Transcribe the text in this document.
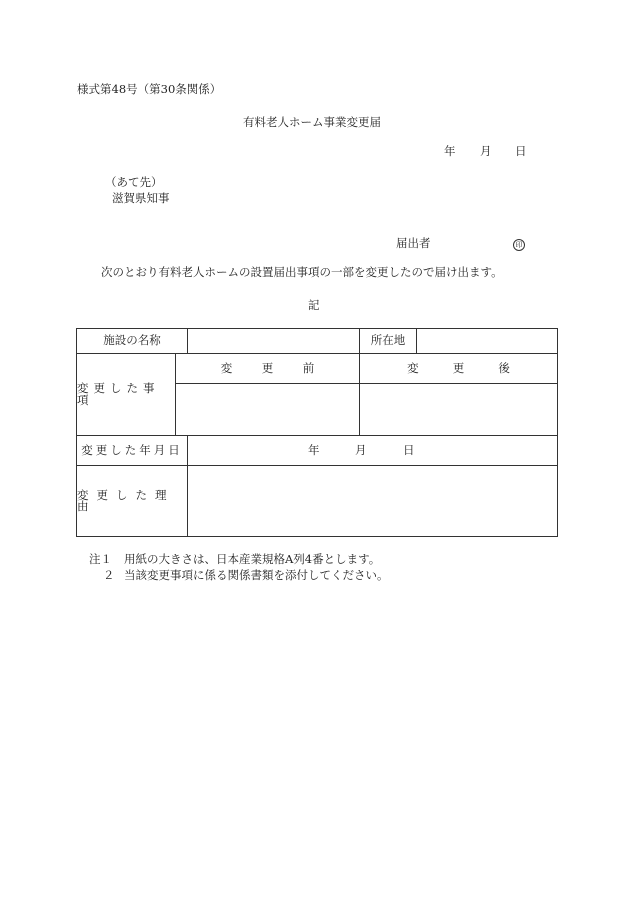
様式第48号（第30条関係）
有料老人ホーム事業変更届
年 月 日
（あて先）
滋賀県知事
届出者	印
次のとおり有料老人ホームの設置届出事項の一部を変更したので届け出ます。
記
施設の名称			所在地	

変更した事項	変 更 前		変 更 後	

変更した年月日		年 月 日		

変更した理由				

注１ 用紙の大きさは、日本産業規格A列4番とします。
２ 当該変更事項に係る関係書類を添付してください。
